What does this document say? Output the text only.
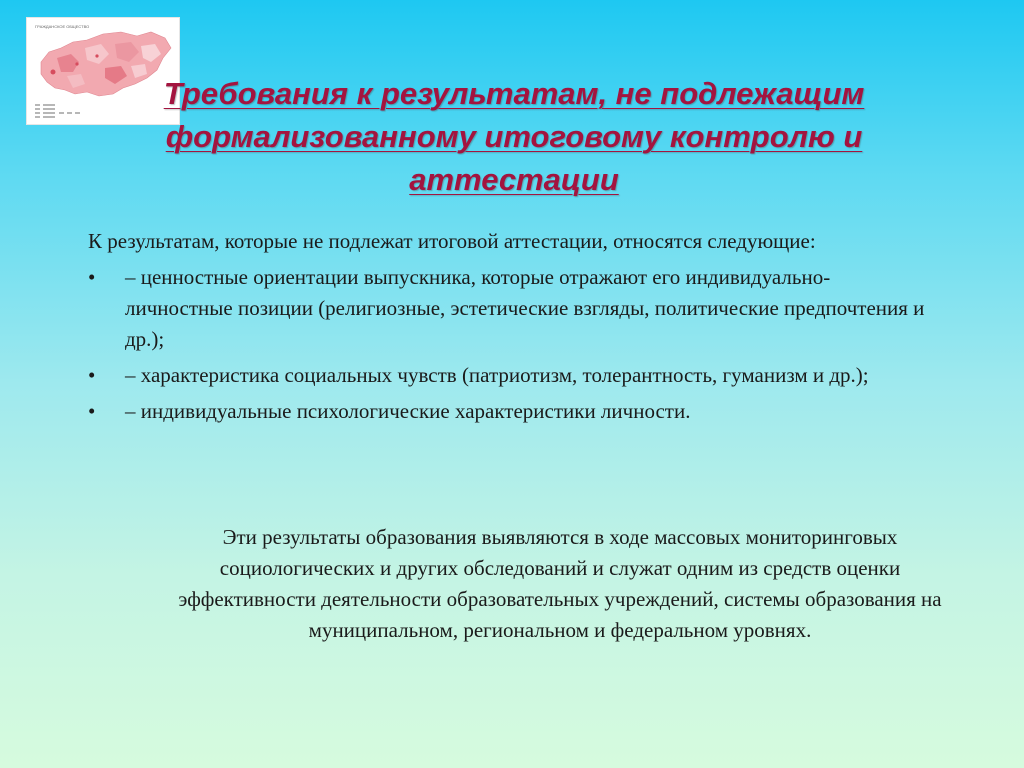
ГРАЖДАНСКОЕ ОБЩЕСТВО
Требования к результатам, не подлежащим формализованному итоговому контролю и аттестации
К результатам, которые не подлежат итоговой аттестации, относятся следующие:
• – ценностные ориентации выпускника, которые отражают его индивидуально-личностные позиции (религиозные, эстетические взгляды, политические предпочтения и др.);
• – характеристика социальных чувств (патриотизм, толерантность, гуманизм и др.);
• – индивидуальные психологические характеристики личности.
Эти результаты образования выявляются в ходе массовых мониторинговых социологических и других обследований и служат одним из средств оценки эффективности деятельности образовательных учреждений, системы образования на муниципальном, региональном и федеральном уровнях.
